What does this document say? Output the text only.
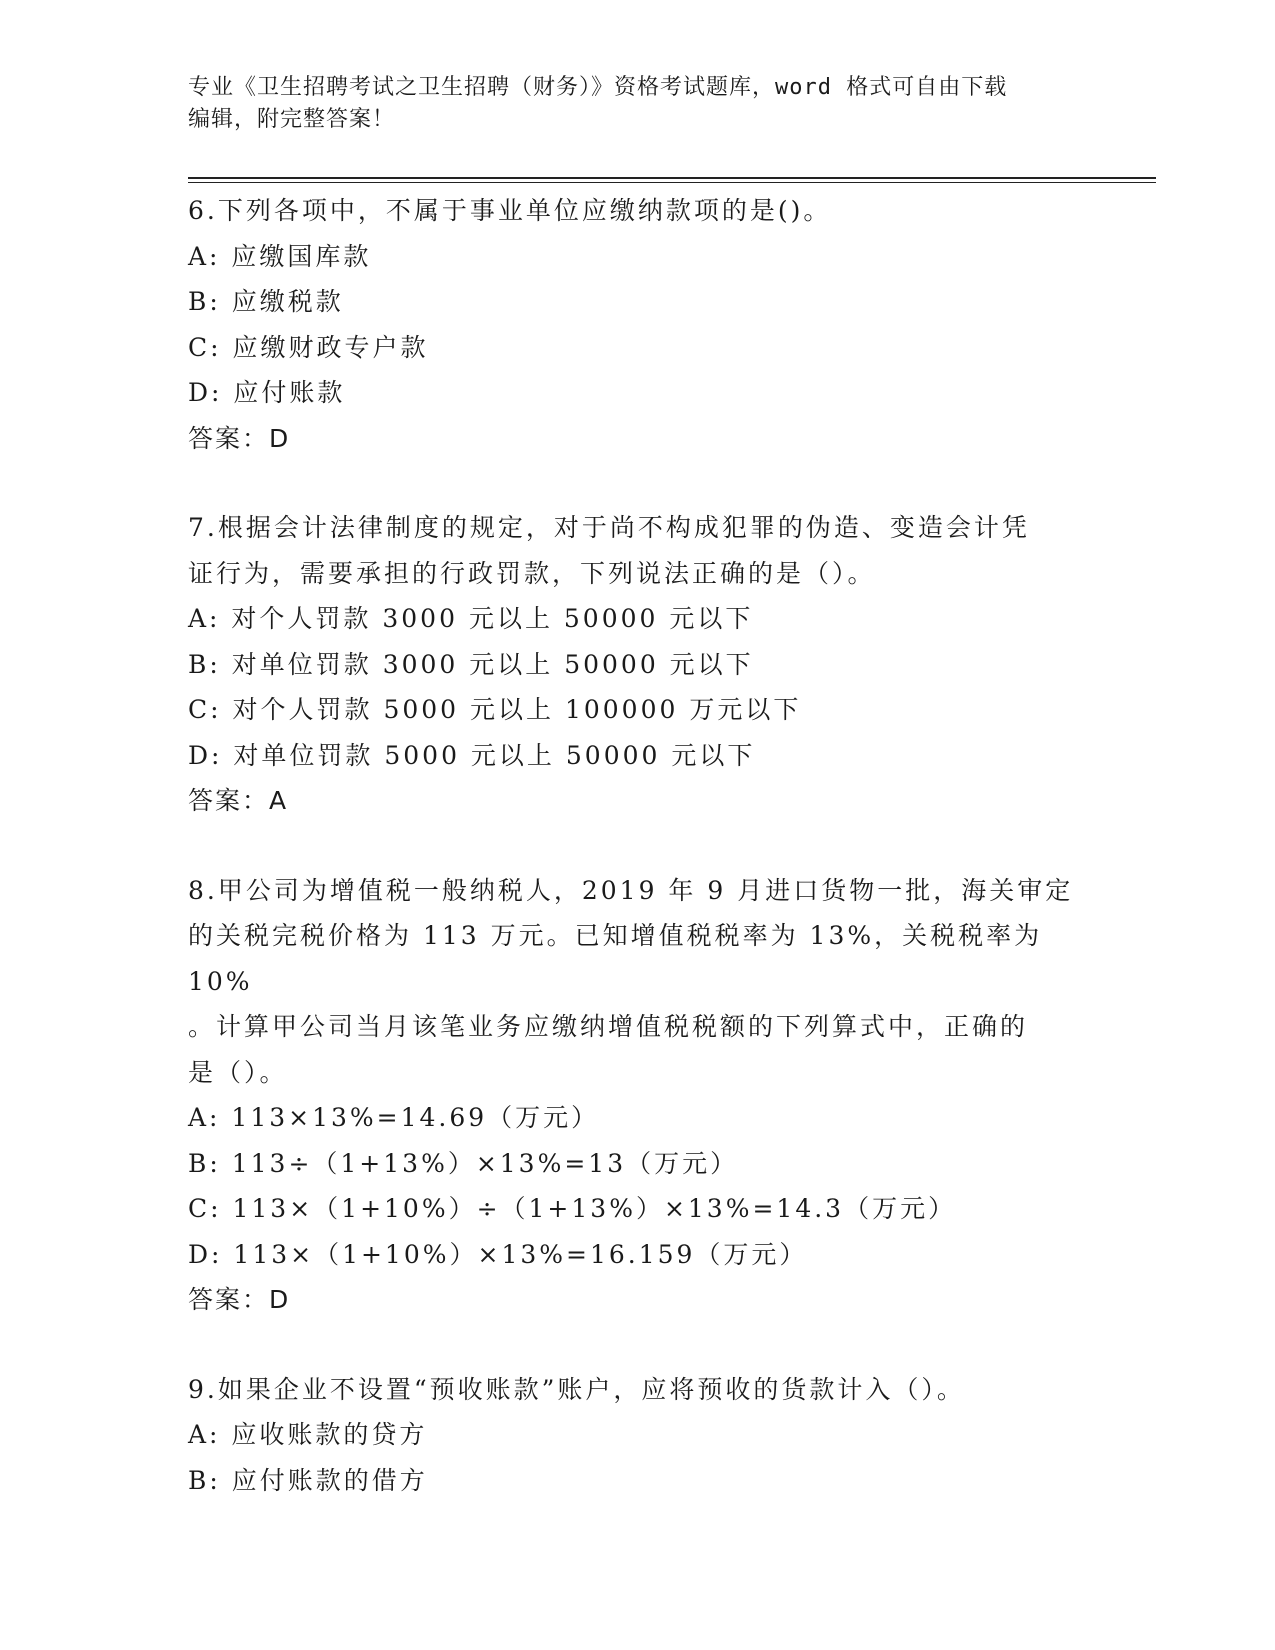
专业《卫生招聘考试之卫生招聘（财务）》资格考试题库，word 格式可自由下载
编辑，附完整答案！
6.下列各项中，不属于事业单位应缴纳款项的是()。
A: 应缴国库款
B: 应缴税款
C: 应缴财政专户款
D: 应付账款
答案：D
7.根据会计法律制度的规定，对于尚不构成犯罪的伪造、变造会计凭
证行为，需要承担的行政罚款，下列说法正确的是（）。
A: 对个人罚款 3000 元以上 50000 元以下
B: 对单位罚款 3000 元以上 50000 元以下
C: 对个人罚款 5000 元以上 100000 万元以下
D: 对单位罚款 5000 元以上 50000 元以下
答案：A
8.甲公司为增值税一般纳税人，2019 年 9 月进口货物一批，海关审定
的关税完税价格为 113 万元。已知增值税税率为 13%，关税税率为 10%
。计算甲公司当月该笔业务应缴纳增值税税额的下列算式中，正确的
是（）。
A: 113×13%=14.69（万元）
B: 113÷（1+13%）×13%=13（万元）
C: 113×（1+10%）÷（1+13%）×13%=14.3（万元）
D: 113×（1+10%）×13%=16.159（万元）
答案：D
9.如果企业不设置“预收账款”账户，应将预收的货款计入（）。
A: 应收账款的贷方
B: 应付账款的借方
